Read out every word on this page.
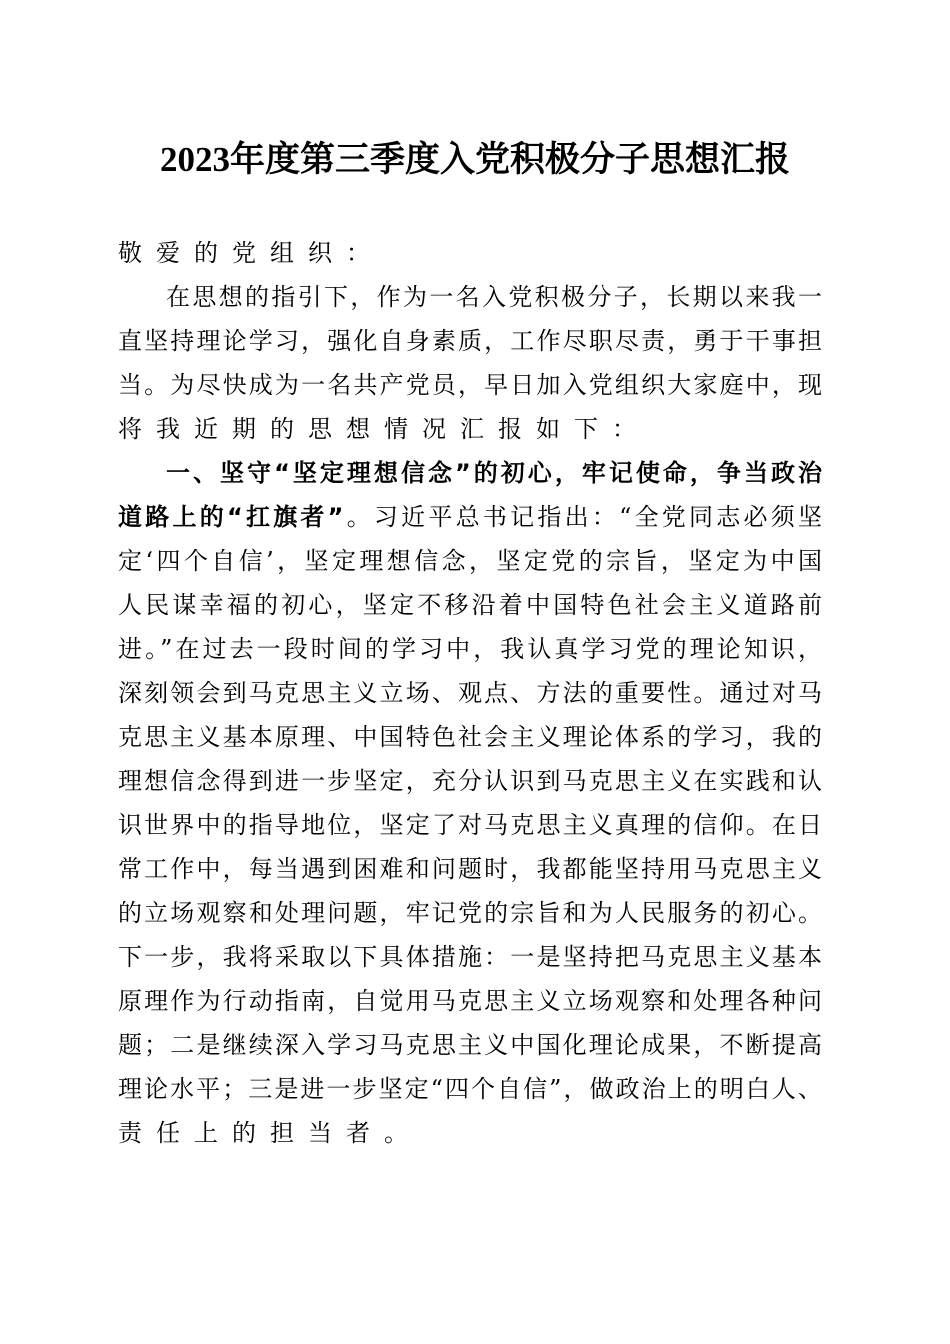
2023年度第三季度入党积极分子思想汇报
敬爱的党组织：
在思想的指引下，作为一名入党积极分子，长期以来我一
直坚持理论学习，强化自身素质，工作尽职尽责，勇于干事担
当。为尽快成为一名共产党员，早日加入党组织大家庭中，现
将我近期的思想情况汇报如下：
一、坚守“坚定理想信念”的初心，牢记使命，争当政治
道路上的“扛旗者”。习近平总书记指出：“全党同志必须坚
定‘四个自信’，坚定理想信念，坚定党的宗旨，坚定为中国
人民谋幸福的初心，坚定不移沿着中国特色社会主义道路前
进。”在过去一段时间的学习中，我认真学习党的理论知识，
深刻领会到马克思主义立场、观点、方法的重要性。通过对马
克思主义基本原理、中国特色社会主义理论体系的学习，我的
理想信念得到进一步坚定，充分认识到马克思主义在实践和认
识世界中的指导地位，坚定了对马克思主义真理的信仰。在日
常工作中，每当遇到困难和问题时，我都能坚持用马克思主义
的立场观察和处理问题，牢记党的宗旨和为人民服务的初心。
下一步，我将采取以下具体措施：一是坚持把马克思主义基本
原理作为行动指南，自觉用马克思主义立场观察和处理各种问
题；二是继续深入学习马克思主义中国化理论成果，不断提高
理论水平；三是进一步坚定“四个自信”，做政治上的明白人、
责任上的担当者。
